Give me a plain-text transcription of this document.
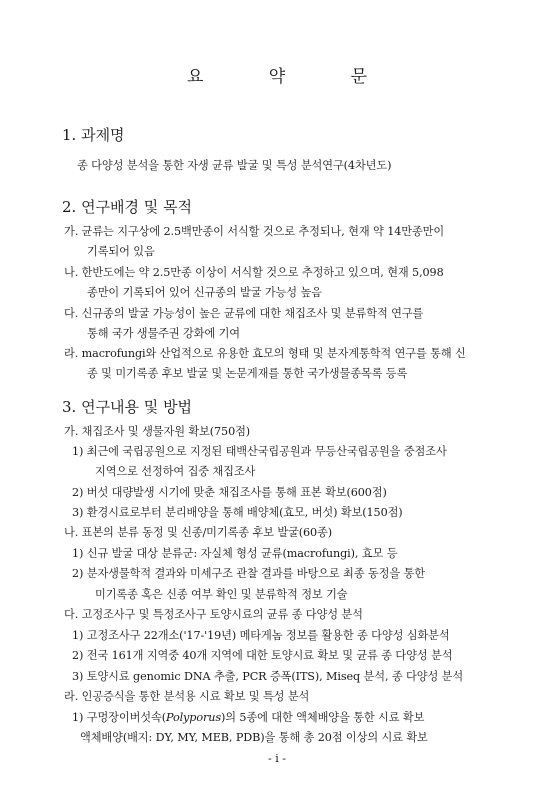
요 약 문
1. 과제명
종 다양성 분석을 통한 자생 균류 발굴 및 특성 분석연구(4차년도)
2. 연구배경 및 목적
가. 균류는 지구상에 2.5백만종이 서식할 것으로 추정되나, 현재 약 14만종만이
기록되어 있음
나. 한반도에는 약 2.5만종 이상이 서식할 것으로 추정하고 있으며, 현재 5,098
종만이 기록되어 있어 신규종의 발굴 가능성 높음
다. 신규종의 발굴 가능성이 높은 균류에 대한 채집조사 및 분류학적 연구를
통해 국가 생물주권 강화에 기여
라. macrofungi와 산업적으로 유용한 효모의 형태 및 분자계통학적 연구를 통해 신
종 및 미기록종 후보 발굴 및 논문게재를 통한 국가생물종목록 등록
3. 연구내용 및 방법
가. 채집조사 및 생물자원 확보(750점)
1) 최근에 국립공원으로 지정된 태백산국립공원과 무등산국립공원을 중점조사
지역으로 선정하여 집중 채집조사
2) 버섯 대량발생 시기에 맞춘 채집조사를 통해 표본 확보(600점)
3) 환경시료로부터 분리배양을 통해 배양체(효모, 버섯) 확보(150점)
나. 표본의 분류 동정 및 신종/미기록종 후보 발굴(60종)
1) 신규 발굴 대상 분류군: 자실체 형성 균류(macrofungi), 효모 등
2) 분자생물학적 결과와 미세구조 관찰 결과를 바탕으로 최종 동정을 통한
미기록종 혹은 신종 여부 확인 및 분류학적 정보 기술
다. 고정조사구 및 특정조사구 토양시료의 균류 종 다양성 분석
1) 고정조사구 22개소('17-'19년) 메타게놈 정보를 활용한 종 다양성 심화분석
2) 전국 161개 지역중 40개 지역에 대한 토양시료 확보 및 균류 종 다양성 분석
3) 토양시료 genomic DNA 추출, PCR 증폭(ITS), Miseq 분석, 종 다양성 분석
라. 인공증식을 통한 분석용 시료 확보 및 특성 분석
1) 구멍장이버섯속(Polyporus)의 5종에 대한 액체배양을 통한 시료 확보
액체배양(배지: DY, MY, MEB, PDB)을 통해 총 20점 이상의 시료 확보
- i -
